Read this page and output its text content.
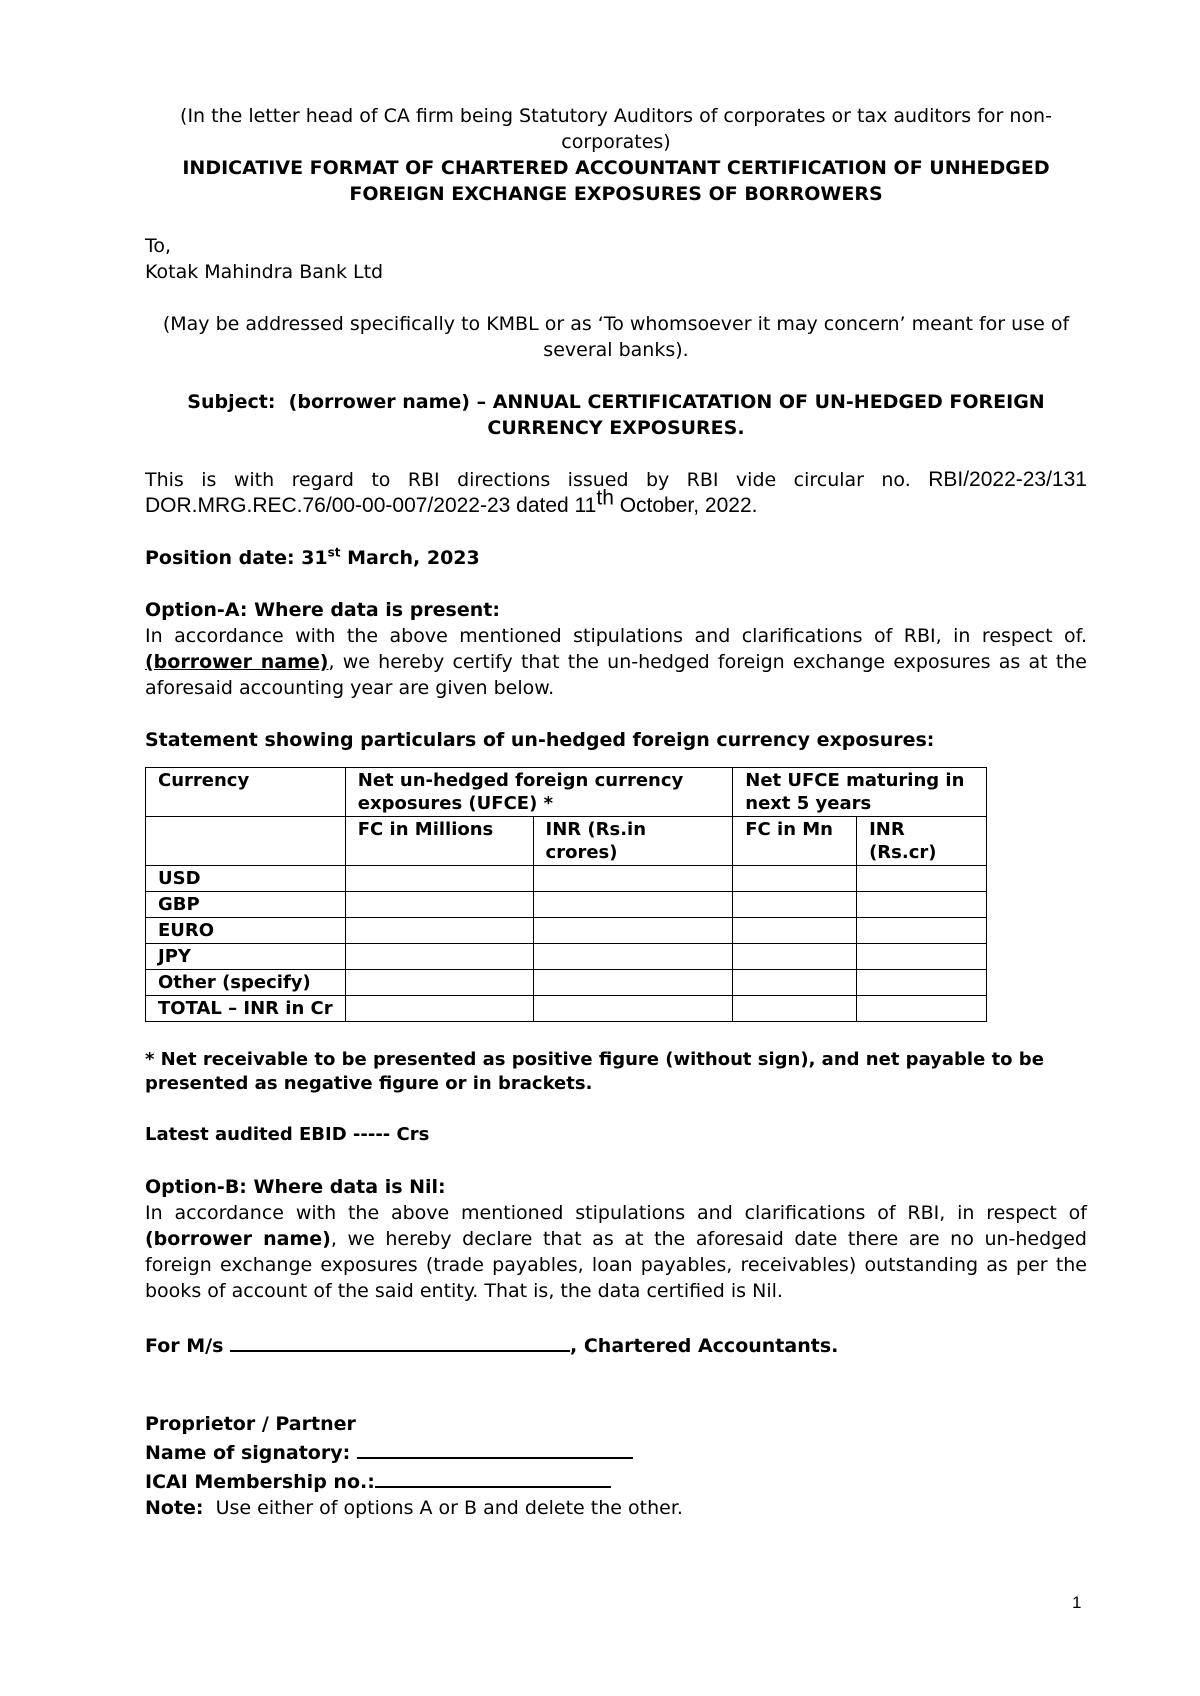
(In the letter head of CA firm being Statutory Auditors of corporates or tax auditors for non-corporates)

INDICATIVE FORMAT OF CHARTERED ACCOUNTANT CERTIFICATION OF UNHEDGED

FOREIGN EXCHANGE EXPOSURES OF BORROWERS

To,

Kotak Mahindra Bank Ltd

(May be addressed specifically to KMBL or as ‘To whomsoever it may concern’ meant for use of several banks).

Subject: (borrower name) – ANNUAL CERTIFICATATION OF UN-HEDGED FOREIGN CURRENCY EXPOSURES.

This is with regard to RBI directions issued by RBI vide circular no. RBI/2022-23/131 DOR.MRG.REC.76/00-00-007/2022-23 dated 11th October, 2022.

Position date: 31st March, 2023

Option-A: Where data is present:

In accordance with the above mentioned stipulations and clarifications of RBI, in respect of. (borrower name), we hereby certify that the un-hedged foreign exchange exposures as at the aforesaid accounting year are given below.

Statement showing particulars of un-hedged foreign currency exposures:

Currency	Net un-hedged foreign currency exposures (UFCE) *		Net UFCE maturing in next 5 years	
	FC in Millions	INR (Rs.in crores)	FC in Mn	INR (Rs.cr)
USD				
GBP				
EURO				
JPY				
Other (specify)				
TOTAL – INR in Cr				

* Net receivable to be presented as positive figure (without sign), and net payable to be presented as negative figure or in brackets.

Latest audited EBID ----- Crs

Option-B: Where data is Nil:

In accordance with the above mentioned stipulations and clarifications of RBI, in respect of (borrower name), we hereby declare that as at the aforesaid date there are no un-hedged foreign exchange exposures (trade payables, loan payables, receivables) outstanding as per the books of account of the said entity. That is, the data certified is Nil.

For M/s	, Chartered Accountants.

Proprietor / Partner

Name of signatory:

ICAI Membership no.:

Note:  Use either of options A or B and delete the other.

1
